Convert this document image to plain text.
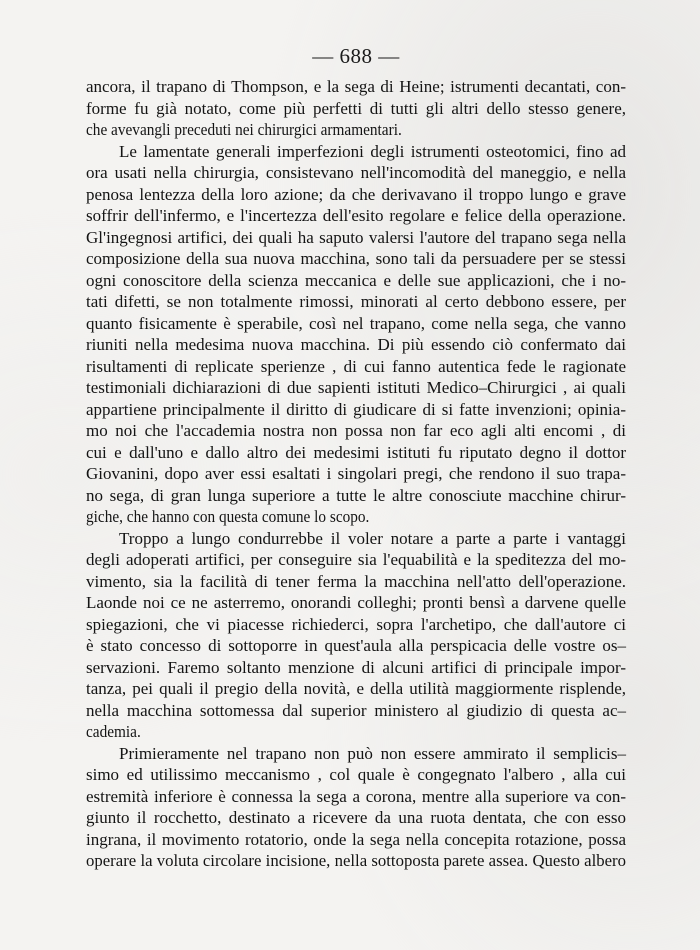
— 688 —
ancora, il trapano di Thompson, e la sega di Heine; istrumenti decantati, con-
forme fu già notato, come più perfetti di tutti gli altri dello stesso genere,
che avevangli preceduti nei chirurgici armamentari.
Le lamentate generali imperfezioni degli istrumenti osteotomici, fino ad
ora usati nella chirurgia, consistevano nell'incomodità del maneggio, e nella
penosa lentezza della loro azione; da che derivavano il troppo lungo e grave
soffrir dell'infermo, e l'incertezza dell'esito regolare e felice della operazione.
Gl'ingegnosi artifici, dei quali ha saputo valersi l'autore del trapano sega nella
composizione della sua nuova macchina, sono tali da persuadere per se stessi
ogni conoscitore della scienza meccanica e delle sue applicazioni, che i no-
tati difetti, se non totalmente rimossi, minorati al certo debbono essere, per
quanto fisicamente è sperabile, così nel trapano, come nella sega, che vanno
riuniti nella medesima nuova macchina. Di più essendo ciò confermato dai
risultamenti di replicate sperienze , di cui fanno autentica fede le ragionate
testimoniali dichiarazioni di due sapienti istituti Medico–Chirurgici , ai quali
appartiene principalmente il diritto di giudicare di si fatte invenzioni; opinia-
mo noi che l'accademia nostra non possa non far eco agli alti encomi , di
cui e dall'uno e dallo altro dei medesimi istituti fu riputato degno il dottor
Giovanini, dopo aver essi esaltati i singolari pregi, che rendono il suo trapa-
no sega, di gran lunga superiore a tutte le altre conosciute macchine chirur-
giche, che hanno con questa comune lo scopo.
Troppo a lungo condurrebbe il voler notare a parte a parte i vantaggi
degli adoperati artifici, per conseguire sia l'equabilità e la speditezza del mo-
vimento, sia la facilità di tener ferma la macchina nell'atto dell'operazione.
Laonde noi ce ne asterremo, onorandi colleghi; pronti bensì a darvene quelle
spiegazioni, che vi piacesse richiederci, sopra l'archetipo, che dall'autore ci
è stato concesso di sottoporre in quest'aula alla perspicacia delle vostre os–
servazioni. Faremo soltanto menzione di alcuni artifici di principale impor-
tanza, pei quali il pregio della novità, e della utilità maggiormente risplende,
nella macchina sottomessa dal superior ministero al giudizio di questa ac–
cademia.
Primieramente nel trapano non può non essere ammirato il semplicis–
simo ed utilissimo meccanismo , col quale è congegnato l'albero , alla cui
estremità inferiore è connessa la sega a corona, mentre alla superiore va con-
giunto il rocchetto, destinato a ricevere da una ruota dentata, che con esso
ingrana, il movimento rotatorio, onde la sega nella concepita rotazione, possa
operare la voluta circolare incisione, nella sottoposta parete assea. Questo albero
